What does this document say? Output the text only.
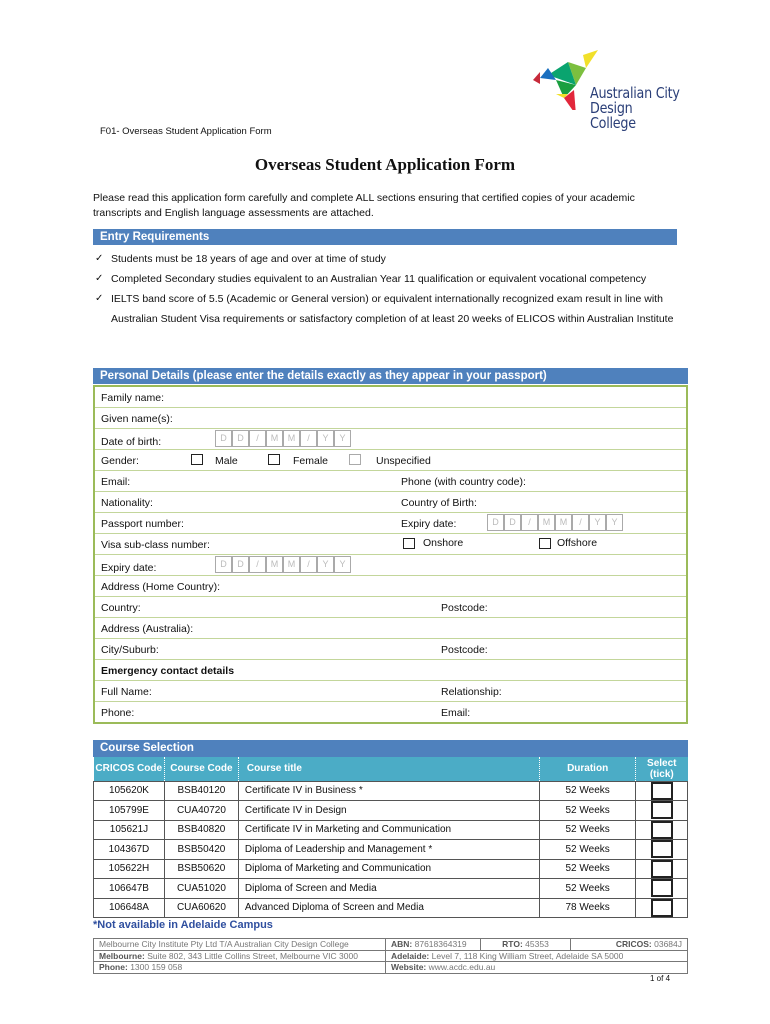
F01- Overseas Student Application Form
Australian City
Design College
Overseas Student Application Form
Please read this application form carefully and complete ALL sections ensuring that certified copies of your academic transcripts and English language assessments are attached.
Entry Requirements
✓ Students must be 18 years of age and over at time of study
✓ Completed Secondary studies equivalent to an Australian Year 11 qualification or equivalent vocational competency
✓ IELTS band score of 5.5 (Academic or General version) or equivalent internationally recognized exam result in line with Australian Student Visa requirements or satisfactory completion of at least 20 weeks of ELICOS within Australian Institute
Personal Details (please enter the details exactly as they appear in your passport)
Family name:
Given name(s):
Date of birth:	D	D	/	M	M	/	Y	Y
Gender:	Male	Female	Unspecified
Email:	Phone (with country code):
Nationality:	Country of Birth:
Passport number:	Expiry date:	D	D	/	M	M	/	Y	Y
Visa sub-class number:	Onshore	Offshore
Expiry date:	D	D	/	M	M	/	Y	Y
Address (Home Country):
Country:	Postcode:
Address (Australia):
City/Suburb:	Postcode:
Emergency contact details
Full Name:	Relationship:
Phone:	Email:
Course Selection
CRICOS Code	Course Code	Course title	Duration	Select (tick)
105620K	BSB40120	Certificate IV in Business *	52 Weeks	
105799E	CUA40720	Certificate IV in Design	52 Weeks	
105621J	BSB40820	Certificate IV in Marketing and Communication	52 Weeks	
104367D	BSB50420	Diploma of Leadership and Management *	52 Weeks	
105622H	BSB50620	Diploma of Marketing and Communication	52 Weeks	
106647B	CUA51020	Diploma of Screen and Media	52 Weeks	
106648A	CUA60620	Advanced Diploma of Screen and Media	78 Weeks	
*Not available in Adelaide Campus
Melbourne City Institute Pty Ltd T/A Australian City Design College	ABN: 87618364319	RTO: 45353	CRICOS: 03684J
Melbourne: Suite 802, 343 Little Collins Street, Melbourne VIC 3000	Adelaide: Level 7, 118 King William Street, Adelaide SA 5000		
Phone: 1300 159 058	Website: www.acdc.edu.au		
1 of 4
